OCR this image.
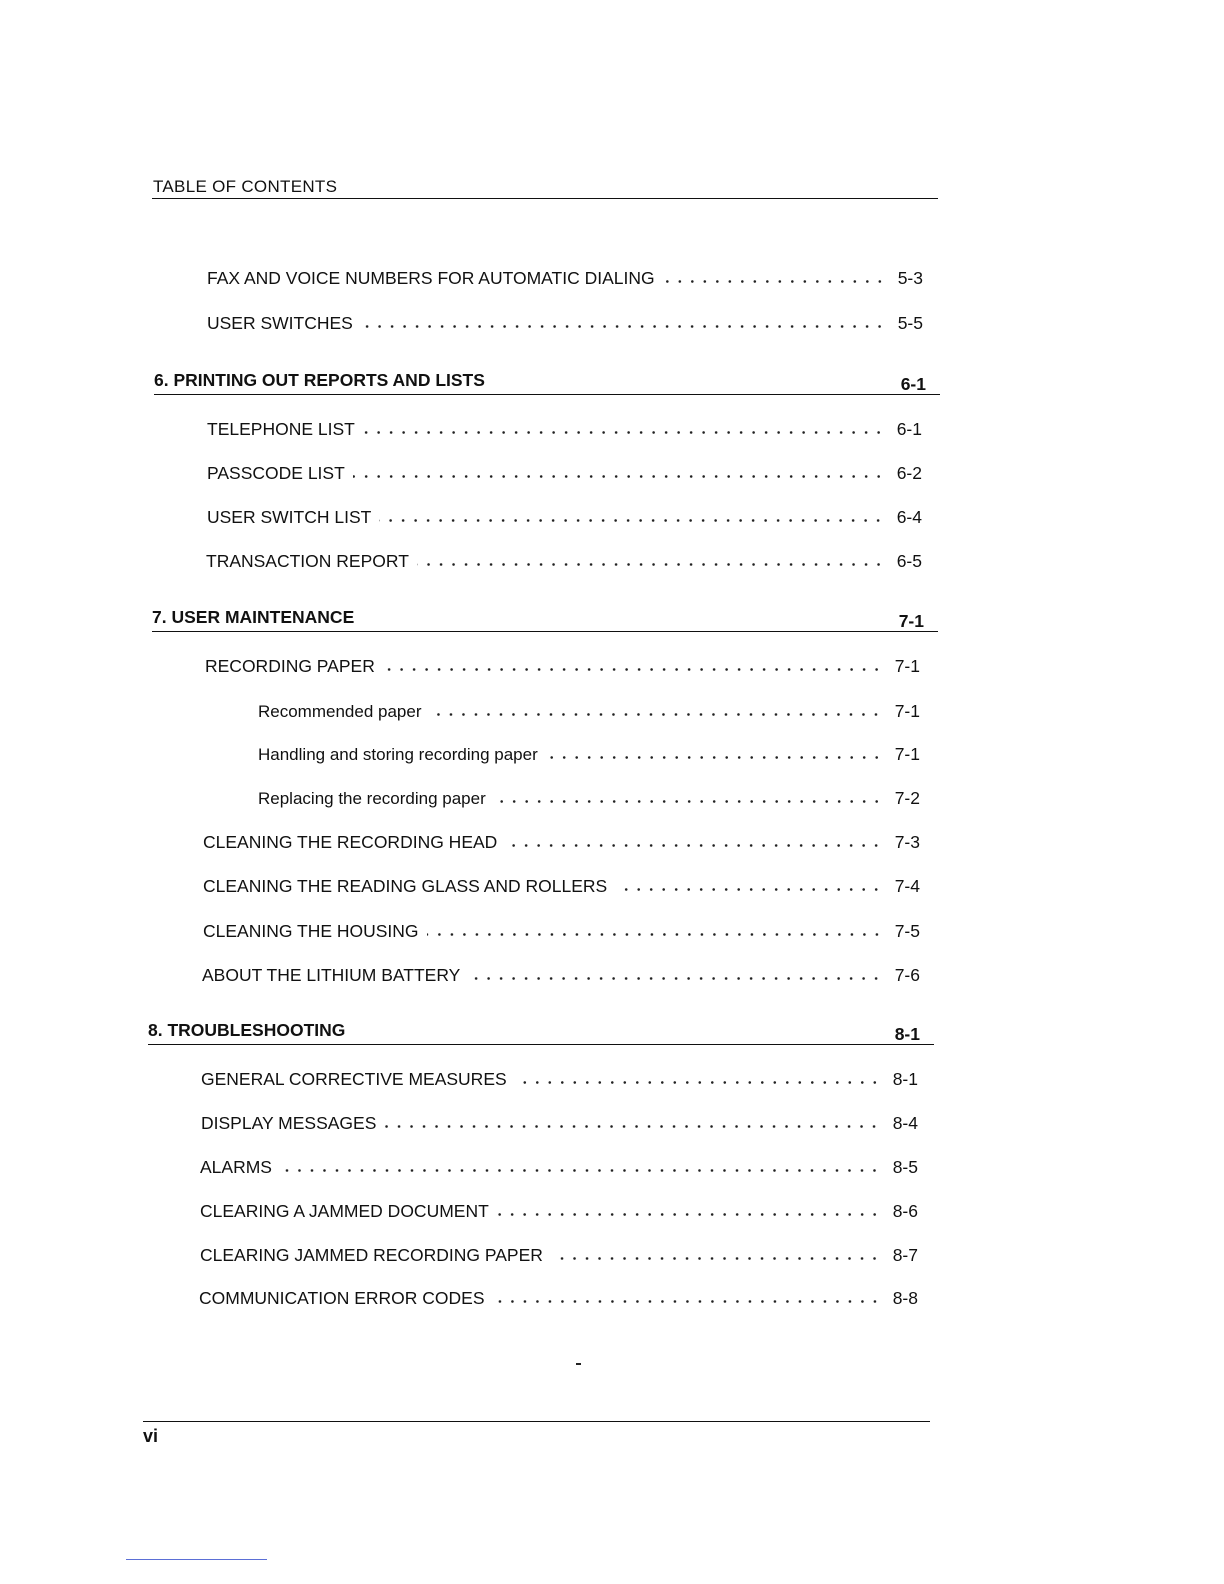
TABLE OF CONTENTS
FAX AND VOICE NUMBERS FOR AUTOMATIC DIALING	5-3
USER SWITCHES	5-5
6. PRINTING OUT REPORTS AND LISTS	6-1
TELEPHONE LIST	6-1
PASSCODE LIST	6-2
USER SWITCH LIST	6-4
TRANSACTION REPORT	6-5
7. USER MAINTENANCE	7-1
RECORDING PAPER	7-1
Recommended paper	7-1
Handling and storing recording paper	7-1
Replacing the recording paper	7-2
CLEANING THE RECORDING HEAD	7-3
CLEANING THE READING GLASS AND ROLLERS	7-4
CLEANING THE HOUSING	7-5
ABOUT THE LITHIUM BATTERY	7-6
8. TROUBLESHOOTING	8-1
GENERAL CORRECTIVE MEASURES	8-1
DISPLAY MESSAGES	8-4
ALARMS	8-5
CLEARING A JAMMED DOCUMENT	8-6
CLEARING JAMMED RECORDING PAPER	8-7
COMMUNICATION ERROR CODES	8-8
vi
